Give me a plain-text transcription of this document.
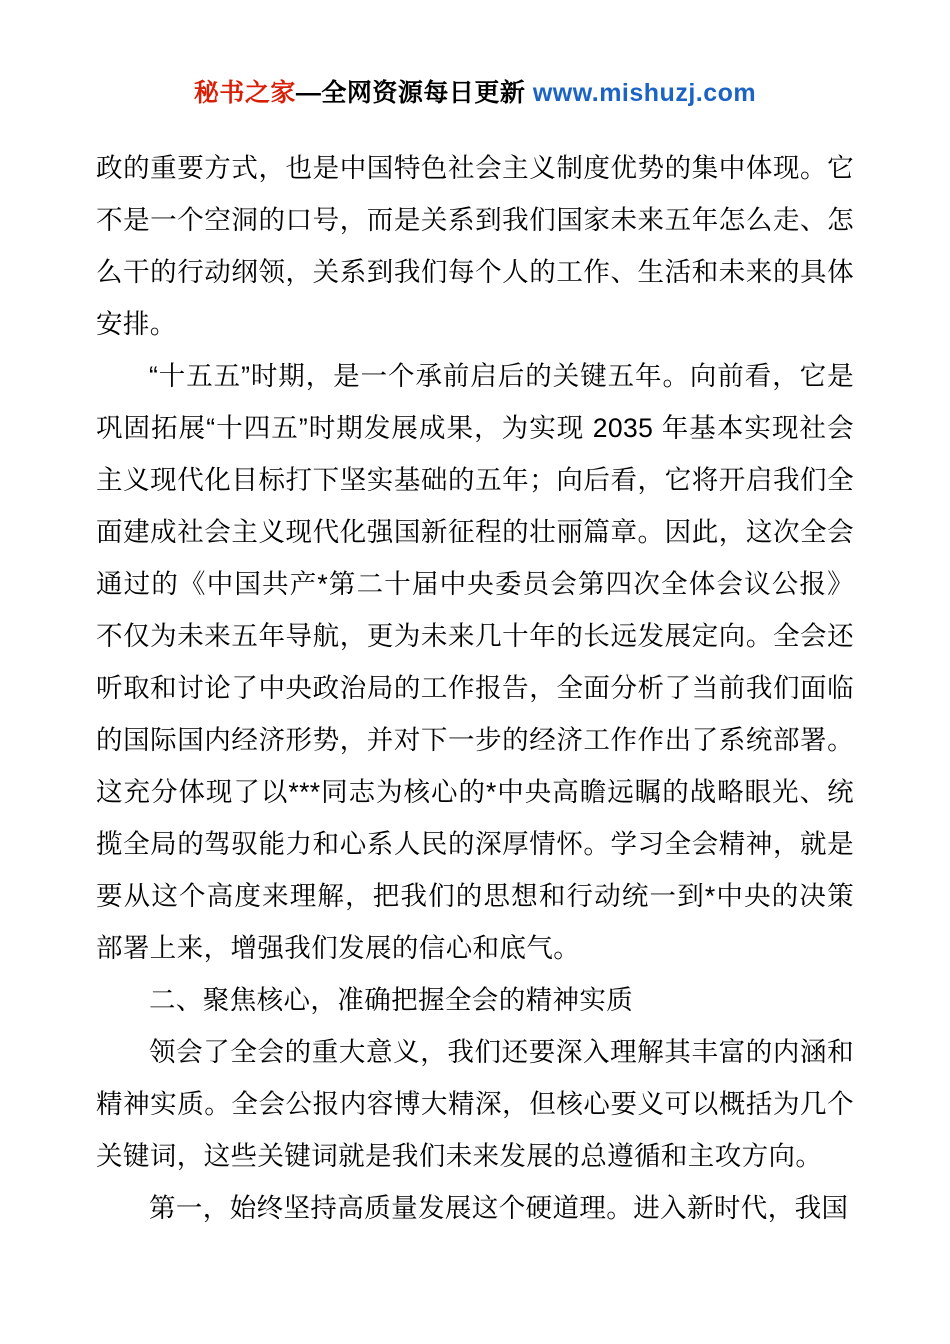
秘书之家—全网资源每日更新 www.mishuzj.com

政的重要方式，也是中国特色社会主义制度优势的集中体现。它不是一个空洞的口号，而是关系到我们国家未来五年怎么走、怎么干的行动纲领，关系到我们每个人的工作、生活和未来的具体安排。

“十五五”时期，是一个承前启后的关键五年。向前看，它是巩固拓展“十四五”时期发展成果，为实现 2035 年基本实现社会主义现代化目标打下坚实基础的五年；向后看，它将开启我们全面建成社会主义现代化强国新征程的壮丽篇章。因此，这次全会通过的《中国共产*第二十届中央委员会第四次全体会议公报》不仅为未来五年导航，更为未来几十年的长远发展定向。全会还听取和讨论了中央政治局的工作报告，全面分析了当前我们面临的国际国内经济形势，并对下一步的经济工作作出了系统部署。这充分体现了以***同志为核心的*中央高瞻远瞩的战略眼光、统揽全局的驾驭能力和心系人民的深厚情怀。学习全会精神，就是要从这个高度来理解，把我们的思想和行动统一到*中央的决策部署上来，增强我们发展的信心和底气。

二、聚焦核心，准确把握全会的精神实质

领会了全会的重大意义，我们还要深入理解其丰富的内涵和精神实质。全会公报内容博大精深，但核心要义可以概括为几个关键词，这些关键词就是我们未来发展的总遵循和主攻方向。

第一，始终坚持高质量发展这个硬道理。进入新时代，我国
